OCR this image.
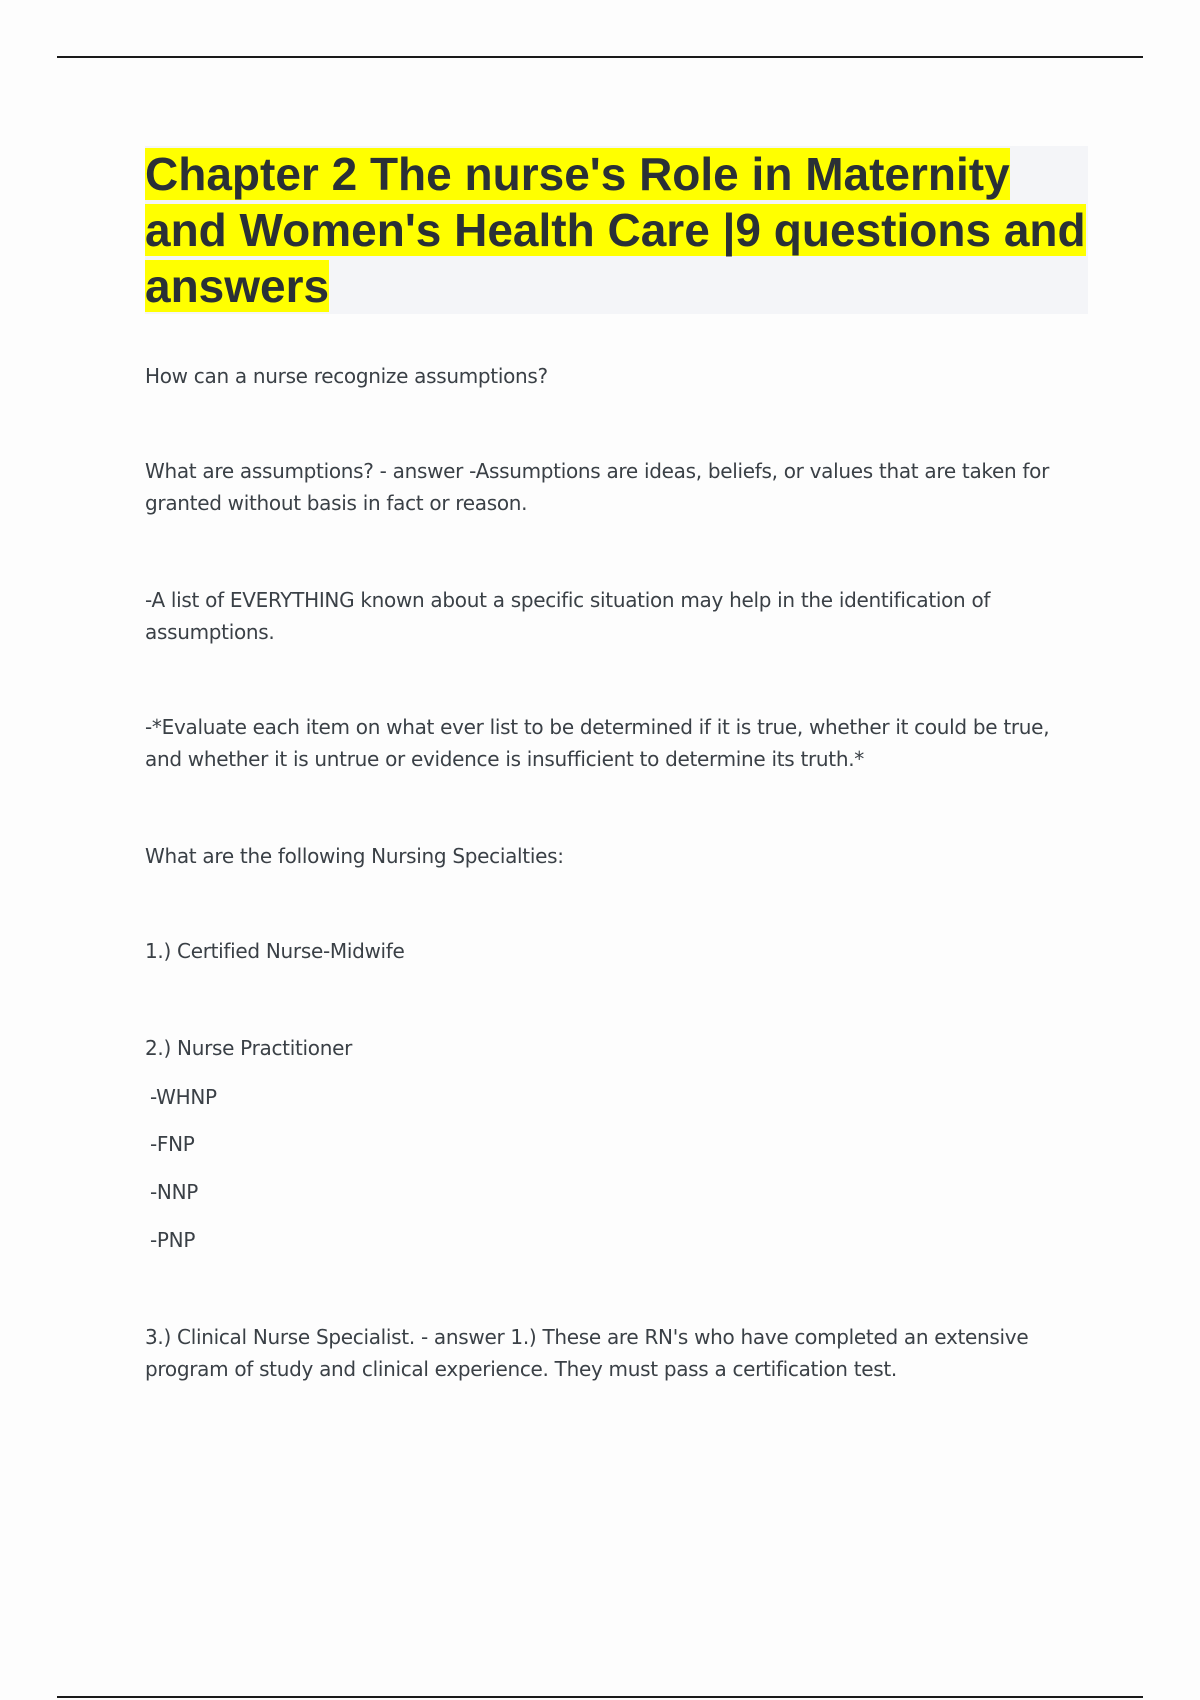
Chapter 2 The nurse's Role in Maternity and Women's Health Care |9 questions and answers

How can a nurse recognize assumptions?

What are assumptions? - answer -Assumptions are ideas, beliefs, or values that are taken for granted without basis in fact or reason.

-A list of EVERYTHING known about a specific situation may help in the identification of assumptions.

-*Evaluate each item on what ever list to be determined if it is true, whether it could be true, and whether it is untrue or evidence is insufficient to determine its truth.*

What are the following Nursing Specialties:

1.) Certified Nurse-Midwife

2.) Nurse Practitioner

-WHNP

-FNP

-NNP

-PNP

3.) Clinical Nurse Specialist. - answer 1.) These are RN's who have completed an extensive program of study and clinical experience. They must pass a certification test.
